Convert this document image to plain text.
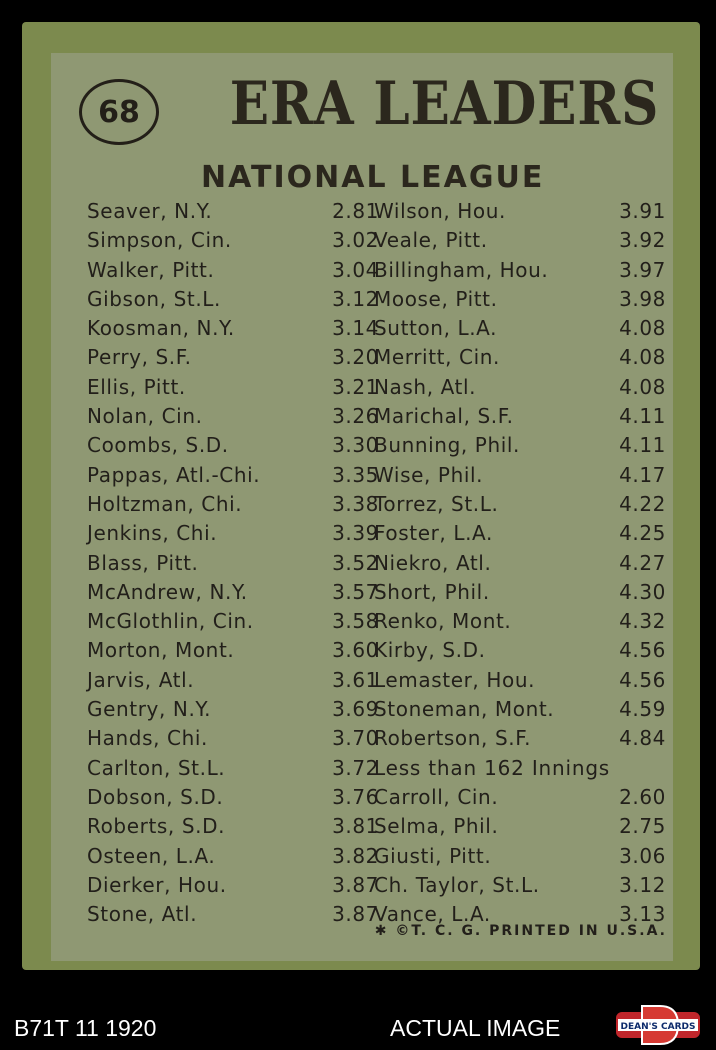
68	ERA LEADERS
NATIONAL LEAGUE
Seaver, N.Y.	2.81
Simpson, Cin.	3.02
Walker, Pitt.	3.04
Gibson, St.L.	3.12
Koosman, N.Y.	3.14
Perry, S.F.	3.20
Ellis, Pitt.	3.21
Nolan, Cin.	3.26
Coombs, S.D.	3.30
Pappas, Atl.-Chi.	3.35
Holtzman, Chi.	3.38
Jenkins, Chi.	3.39
Blass, Pitt.	3.52
McAndrew, N.Y.	3.57
McGlothlin, Cin.	3.58
Morton, Mont.	3.60
Jarvis, Atl.	3.61
Gentry, N.Y.	3.69
Hands, Chi.	3.70
Carlton, St.L.	3.72
Dobson, S.D.	3.76
Roberts, S.D.	3.81
Osteen, L.A.	3.82
Dierker, Hou.	3.87
Stone, Atl.	3.87
Wilson, Hou.	3.91
Veale, Pitt.	3.92
Billingham, Hou.	3.97
Moose, Pitt.	3.98
Sutton, L.A.	4.08
Merritt, Cin.	4.08
Nash, Atl.	4.08
Marichal, S.F.	4.11
Bunning, Phil.	4.11
Wise, Phil.	4.17
Torrez, St.L.	4.22
Foster, L.A.	4.25
Niekro, Atl.	4.27
Short, Phil.	4.30
Renko, Mont.	4.32
Kirby, S.D.	4.56
Lemaster, Hou.	4.56
Stoneman, Mont.	4.59
Robertson, S.F.	4.84
Less than 162 Innings
Carroll, Cin.	2.60
Selma, Phil.	2.75
Giusti, Pitt.	3.06
Ch. Taylor, St.L.	3.12
Vance, L.A.	3.13
✱ ©T. C. G. PRINTED IN U.S.A.
B71T 11 1920	ACTUAL IMAGE	DEAN'S CARDS
